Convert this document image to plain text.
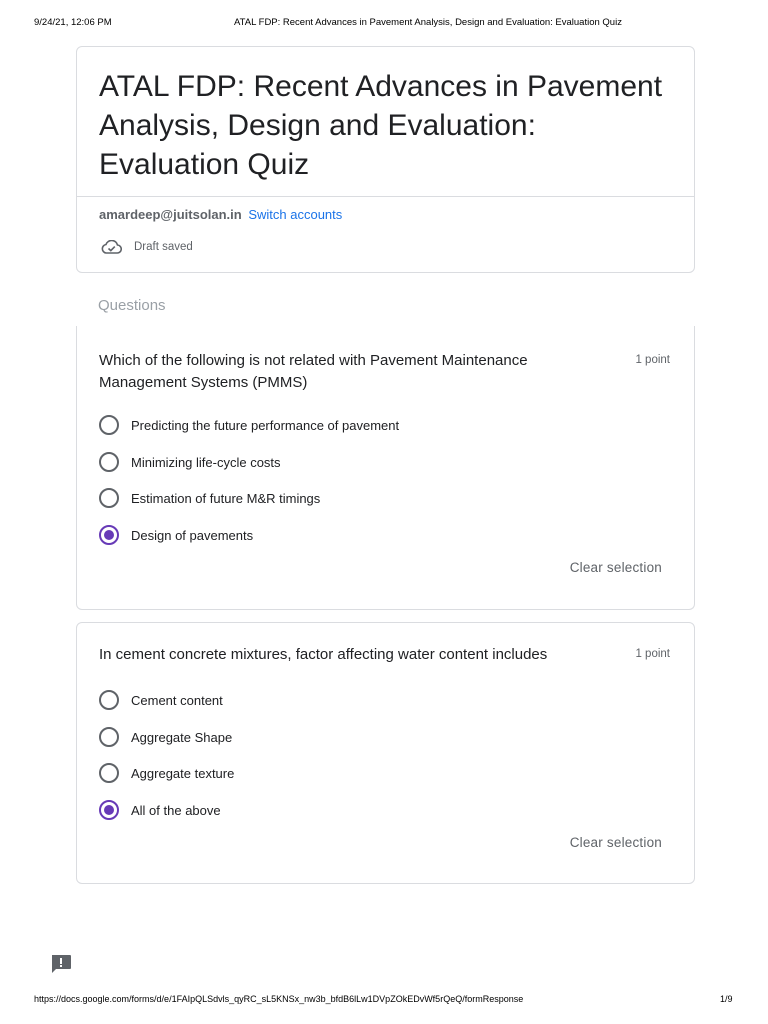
9/24/21, 12:06 PM	ATAL FDP: Recent Advances in Pavement Analysis, Design and Evaluation: Evaluation Quiz
ATAL FDP: Recent Advances in Pavement Analysis, Design and Evaluation: Evaluation Quiz
amardeep@juitsolan.in Switch accounts
Draft saved
Questions
Which of the following is not related with Pavement Maintenance Management Systems (PMMS)
1 point
Predicting the future performance of pavement
Minimizing life-cycle costs
Estimation of future M&R timings
Design of pavements
Clear selection
In cement concrete mixtures, factor affecting water content includes	1 point
Cement content
Aggregate Shape
Aggregate texture
All of the above
Clear selection
https://docs.google.com/forms/d/e/1FAIpQLSdvls_qyRC_sL5KNSx_nw3b_bfdB6lLw1DVpZOkEDvWf5rQeQ/formResponse	1/9
